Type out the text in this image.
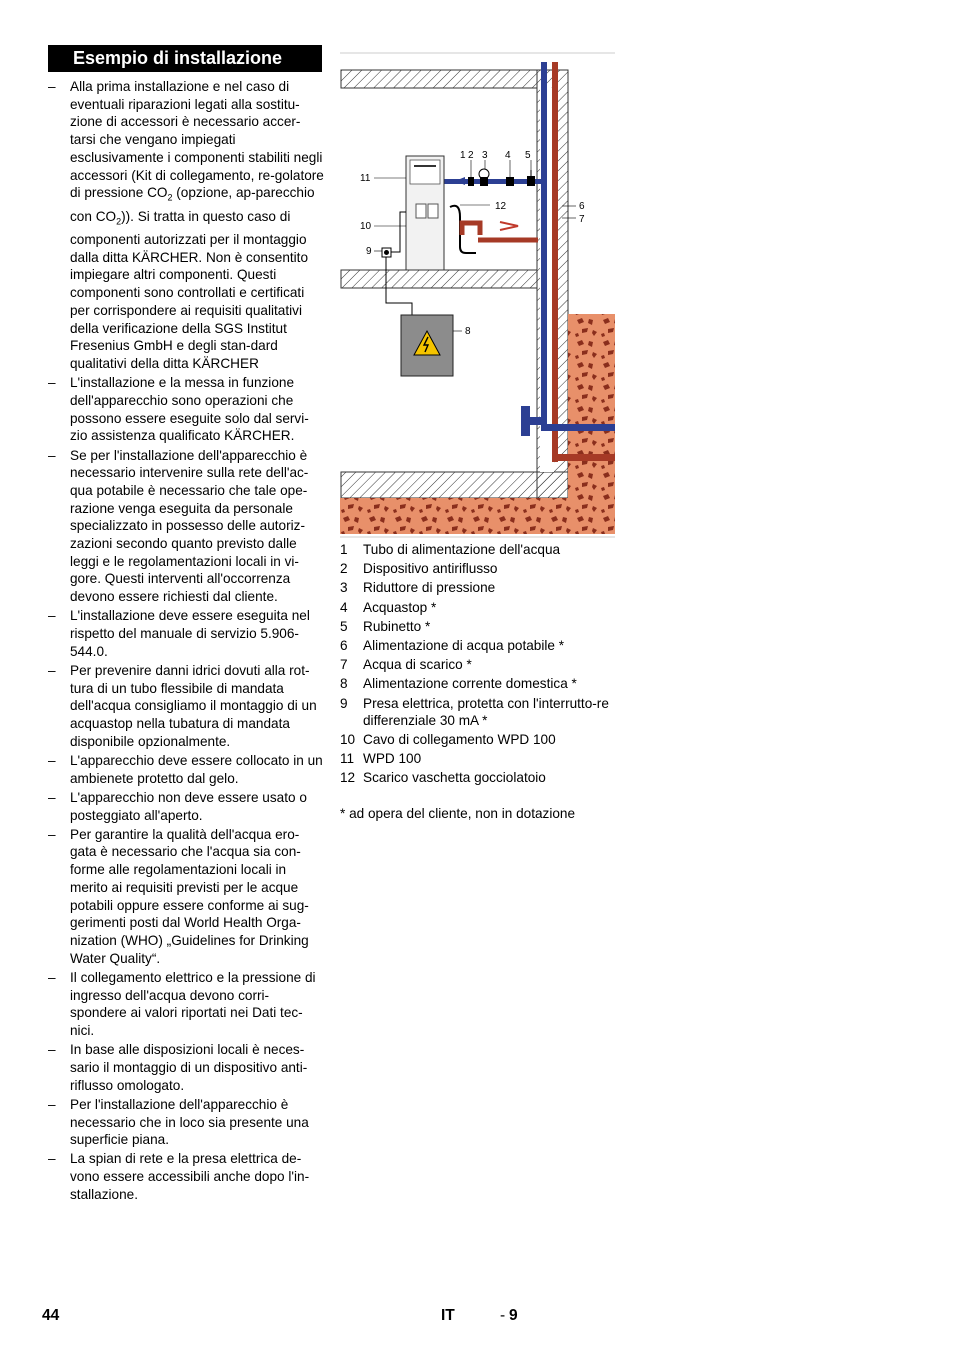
Esempio di installazione
– Alla prima installazione e nel caso di eventuali riparazioni legati alla sostitu-zione di accessori è necessario accer-tarsi che vengano impiegati esclusivamente i componenti stabiliti negli accessori (Kit di collegamento, re-golatore di pressione $CO_2$ (opzione, ap-parecchio con $CO_2$)). Si tratta in questo caso di componenti autorizzati per il montaggio dalla ditta KÄRCHER. Non è consentito impiegare altri componenti. Questi componenti sono controllati e certificati per corrispondere ai requisiti qualitativi della verificazione della SGS Institut Fresenius GmbH e degli stan-dard qualitativi della ditta KÄRCHER
– L'installazione e la messa in funzione dell'apparecchio sono operazioni che possono essere eseguite solo dal servi-zio assistenza qualificato KÄRCHER.
– Se per l'installazione dell'apparecchio è necessario intervenire sulla rete dell'ac-qua potabile è necessario che tale ope-razione venga eseguita da personale specializzato in possesso delle autoriz-zazioni secondo quanto previsto dalle leggi e le regolamentazioni locali in vi-gore. Questi interventi all'occorrenza devono essere richiesti dal cliente.
– L'installazione deve essere eseguita nel rispetto del manuale di servizio 5.906-544.0.
– Per prevenire danni idrici dovuti alla rot-tura di un tubo flessibile di mandata dell'acqua consigliamo il montaggio di un acquastop nella tubatura di mandata disponibile opzionalmente.
– L'apparecchio deve essere collocato in un ambienete protetto dal gelo.
– L'apparecchio non deve essere usato o posteggiato all'aperto.
– Per garantire la qualità dell'acqua ero-gata è necessario che l'acqua sia con-forme alle regolamentazioni locali in merito ai requisiti previsti per le acque potabili oppure essere conforme ai sug-gerimenti posti dal World Health Orga-nization (WHO) „Guidelines for Drinking Water Quality“.
– Il collegamento elettrico e la pressione di ingresso dell'acqua devono corri-spondere ai valori riportati nei Dati tec-nici.
– In base alle disposizioni locali è neces-sario il montaggio di un dispositivo anti-riflusso omologato.
– Per l'installazione dell'apparecchio è necessario che in loco sia presente una superficie piana.
– La spian di rete e la presa elettrica de-vono essere accessibili anche dopo l'in-stallazione.
1 2 3 4 5
6
7
8
9
10
11
12
1	Tubo di alimentazione dell'acqua
2	Dispositivo antiriflusso
3	Riduttore di pressione
4	Acquastop *
5	Rubinetto *
6	Alimentazione di acqua potabile *
7	Acqua di scarico *
8	Alimentazione corrente domestica *
9	Presa elettrica, protetta con l'interrutto-re differenziale 30 mA *
10 Cavo di collegamento WPD 100
11 WPD 100
12 Scarico vaschetta gocciolatoio
* ad opera del cliente, non in dotazione
44	IT	- 9
